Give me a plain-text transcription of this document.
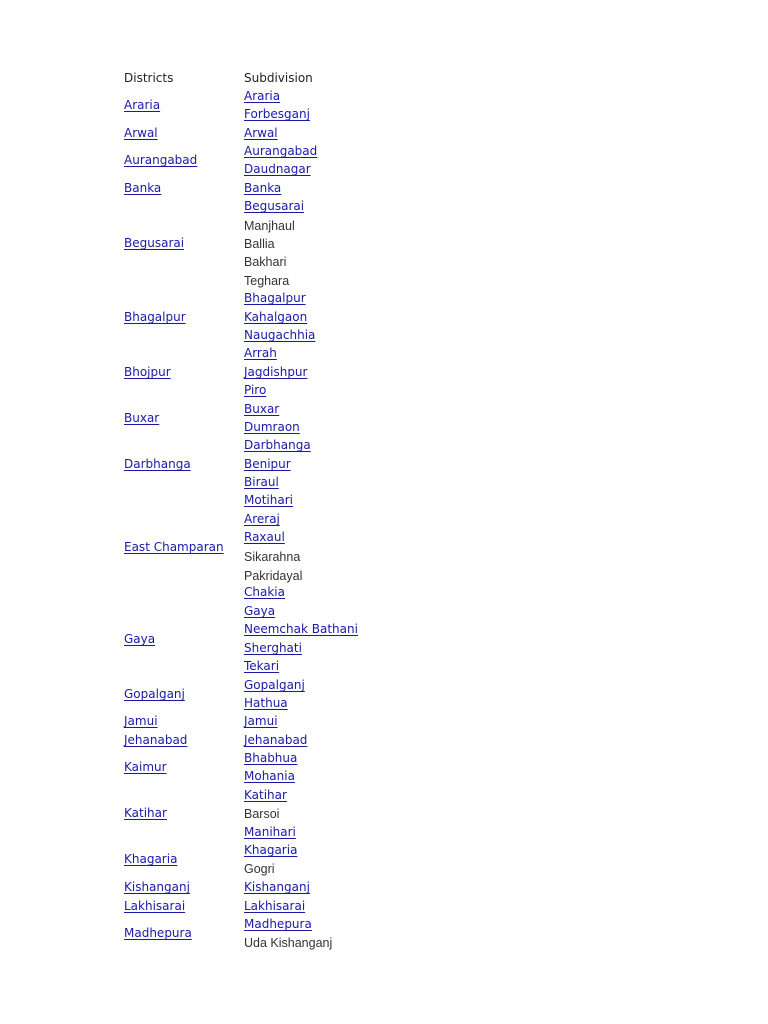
Districts	Subdivision
Araria
Arwal
Aurangabad
Banka
Begusarai
Bhagalpur
Bhojpur
Buxar
Darbhanga
East Champaran
Gaya
Gopalganj
Jamui
Jehanabad
Kaimur
Katihar
Khagaria
Kishanganj
Lakhisarai
Madhepura
Araria
Forbesganj
Arwal
Aurangabad
Daudnagar
Banka
Begusarai
Manjhaul
Ballia
Bakhari
Teghara
Bhagalpur
Kahalgaon
Naugachhia
Arrah
Jagdishpur
Piro
Buxar
Dumraon
Darbhanga
Benipur
Biraul
Motihari
Areraj
Raxaul
Sikarahna
Pakridayal
Chakia
Gaya
Neemchak Bathani
Sherghati
Tekari
Gopalganj
Hathua
Jamui
Jehanabad
Bhabhua
Mohania
Katihar
Barsoi
Manihari
Khagaria
Gogri
Kishanganj
Lakhisarai
Madhepura
Uda Kishanganj
